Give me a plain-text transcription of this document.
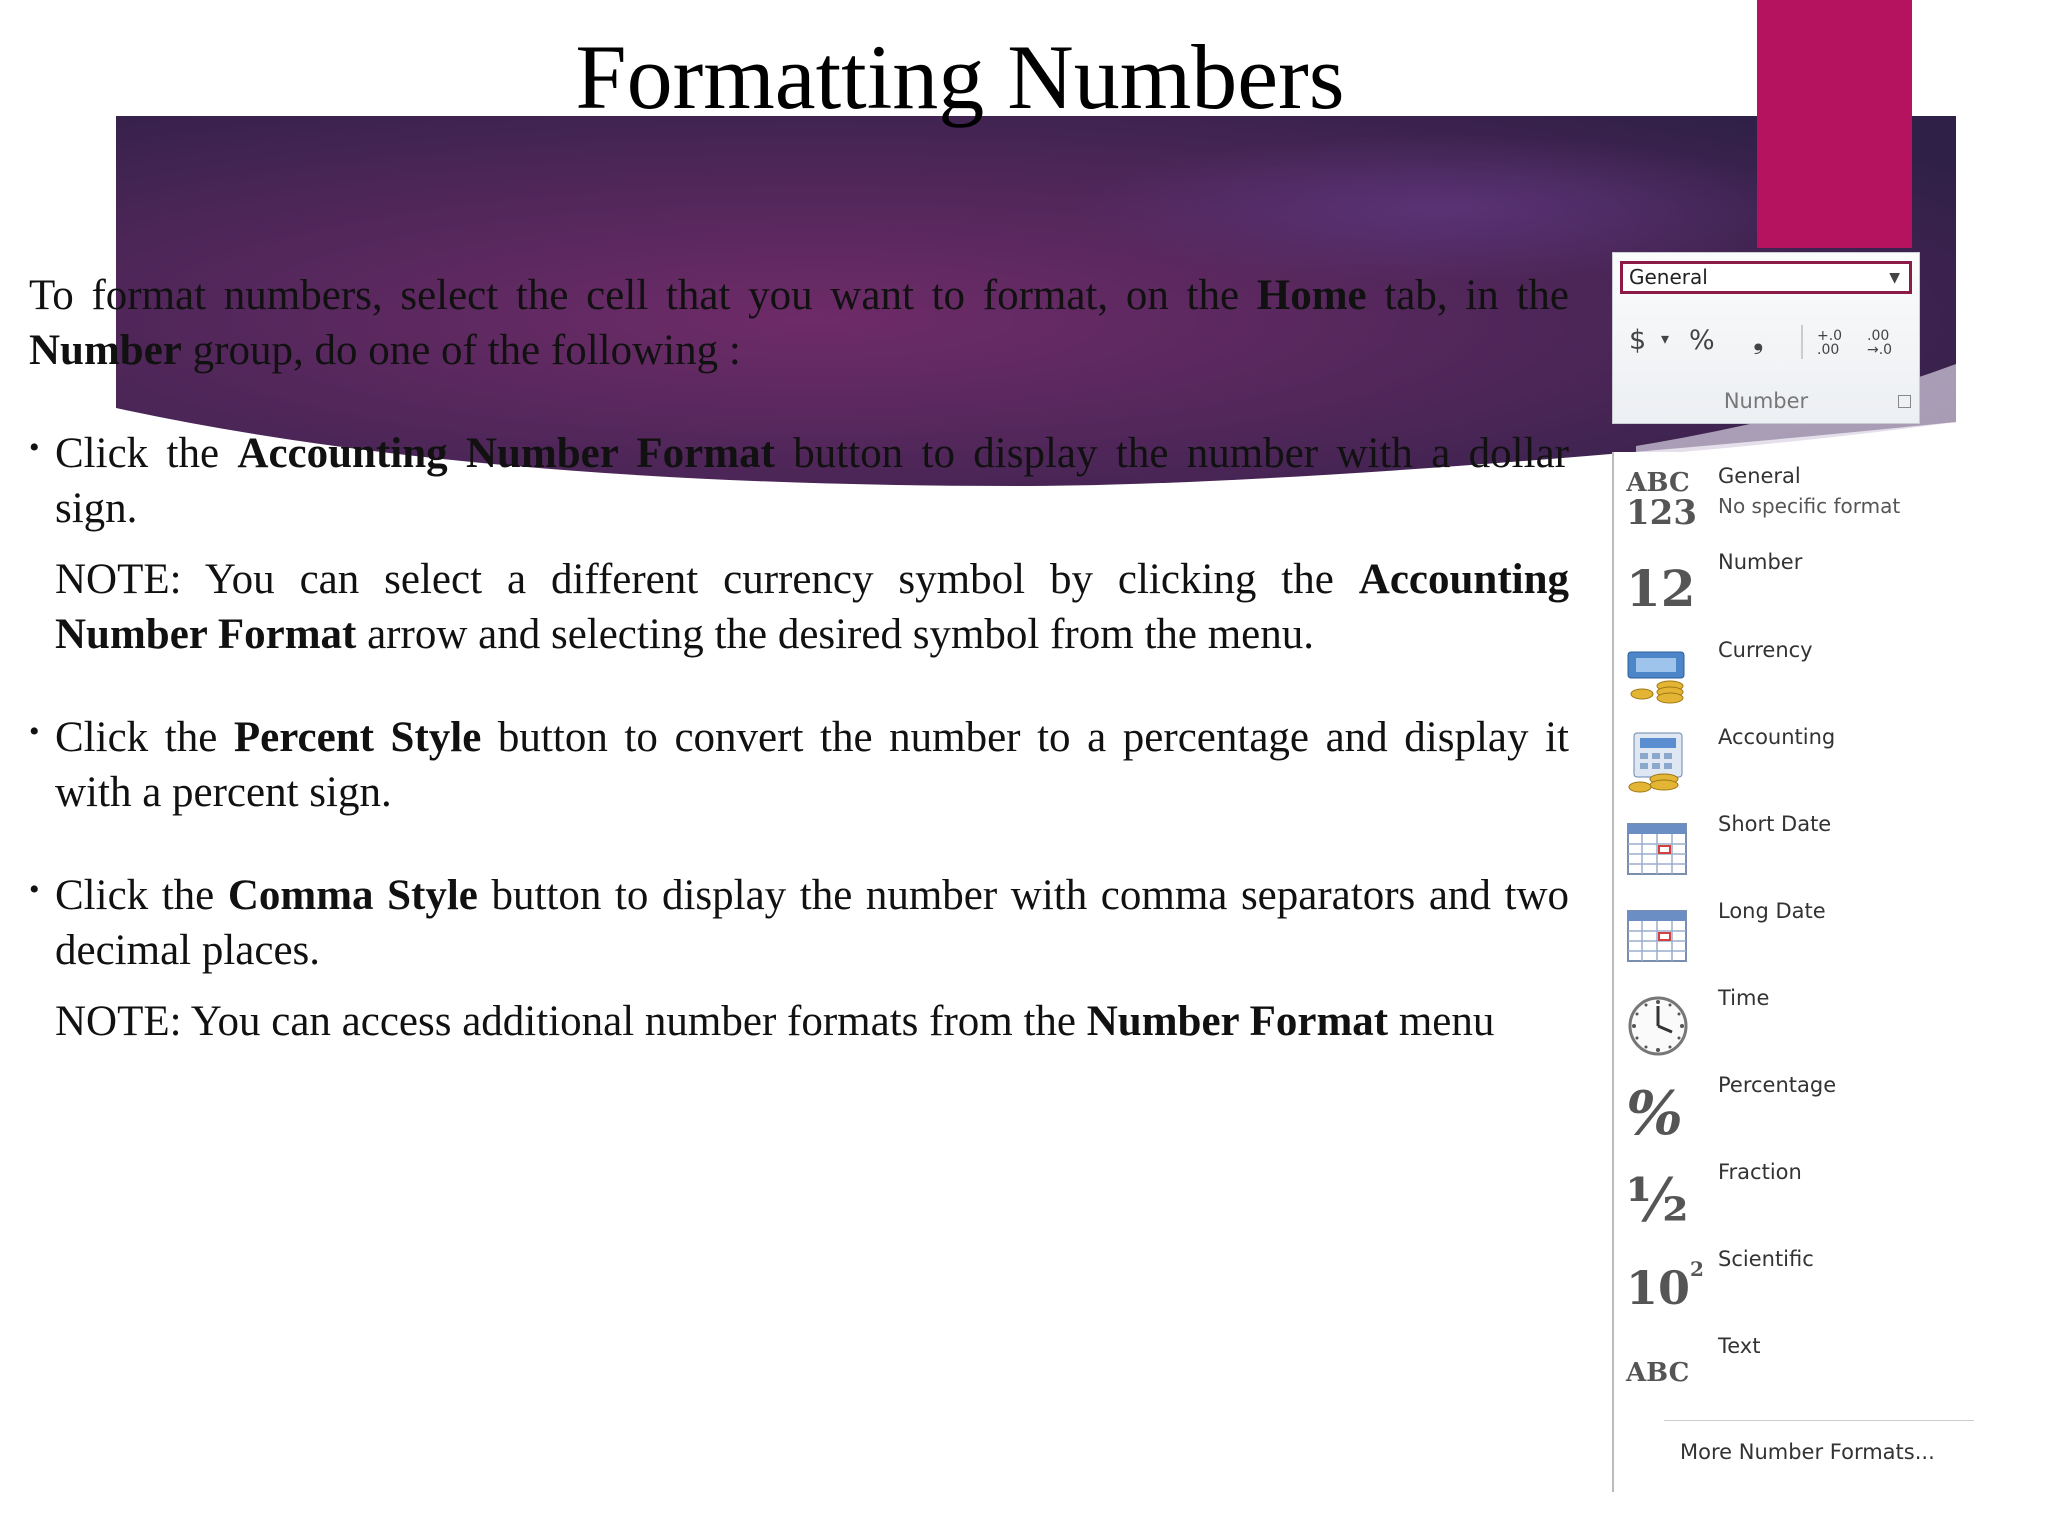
Formatting Numbers

To format numbers, select the cell that you want to format, on the Home tab, in the Number group, do one of the following :

• Click the Accounting Number Format button to display the number with a dollar sign.

NOTE: You can select a different currency symbol by clicking the Accounting Number Format arrow and selecting the desired symbol from the menu.

• Click the Percent Style button to convert the number to a percentage and display it with a percent sign.

• Click the Comma Style button to display the number with comma separators and two decimal places.

NOTE: You can access additional number formats from the Number Format menu

General	▼
$ ▾ % ❟	+.0 .00
.00 →.0
Number
ABC
123
General
No specific format
12 Number
Currency
Accounting
Short Date
Long Date
Time
%	Percentage
½ Fraction
102 Scientific
ABC
Text
More Number Formats...
